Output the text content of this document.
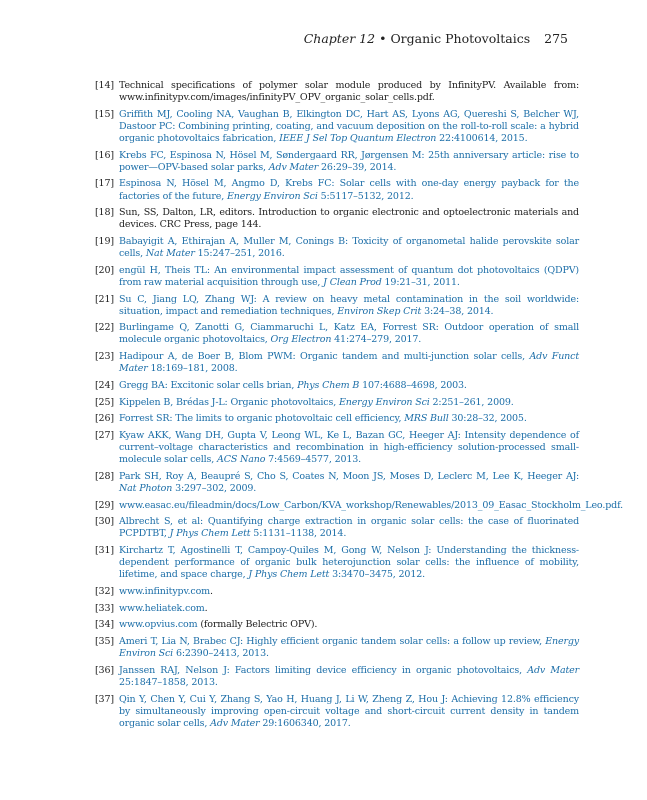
Chapter 12 • Organic Photovoltaics 275
[14] Technical specifications of polymer solar module produced by InfinityPV. Available from: www.infinitypv.com/images/infinityPV_OPV_organic_solar_cells.pdf.
[15] Griffith MJ, Cooling NA, Vaughan B, Elkington DC, Hart AS, Lyons AG, Quereshi S, Belcher WJ, Dastoor PC: Combining printing, coating, and vacuum deposition on the roll-to-roll scale: a hybrid organic photovoltaics fabrication, IEEE J Sel Top Quantum Electron 22:4100614, 2015.
[16] Krebs FC, Espinosa N, Hösel M, Søndergaard RR, Jørgensen M: 25th anniversary article: rise to power—OPV-based solar parks, Adv Mater 26:29–39, 2014.
[17] Espinosa N, Hösel M, Angmo D, Krebs FC: Solar cells with one-day energy payback for the factories of the future, Energy Environ Sci 5:5117–5132, 2012.
[18] Sun, SS, Dalton, LR, editors. Introduction to organic electronic and optoelectronic materials and devices. CRC Press, page 144.
[19] Babayigit A, Ethirajan A, Muller M, Conings B: Toxicity of organometal halide perovskite solar cells, Nat Mater 15:247–251, 2016.
[20] engül H, Theis TL: An environmental impact assessment of quantum dot photovoltaics (QDPV) from raw material acquisition through use, J Clean Prod 19:21–31, 2011.
[21] Su C, Jiang LQ, Zhang WJ: A review on heavy metal contamination in the soil worldwide: situation, impact and remediation techniques, Environ Skep Crit 3:24–38, 2014.
[22] Burlingame Q, Zanotti G, Ciammaruchi L, Katz EA, Forrest SR: Outdoor operation of small molecule organic photovoltaics, Org Electron 41:274–279, 2017.
[23] Hadipour A, de Boer B, Blom PWM: Organic tandem and multi-junction solar cells, Adv Funct Mater 18:169–181, 2008.
[24] Gregg BA: Excitonic solar cells brian, Phys Chem B 107:4688–4698, 2003.
[25] Kippelen B, Brédas J-L: Organic photovoltaics, Energy Environ Sci 2:251–261, 2009.
[26] Forrest SR: The limits to organic photovoltaic cell efficiency, MRS Bull 30:28–32, 2005.
[27] Kyaw AKK, Wang DH, Gupta V, Leong WL, Ke L, Bazan GC, Heeger AJ: Intensity dependence of current–voltage characteristics and recombination in high-efficiency solution-processed small-molecule solar cells, ACS Nano 7:4569–4577, 2013.
[28] Park SH, Roy A, Beaupré S, Cho S, Coates N, Moon JS, Moses D, Leclerc M, Lee K, Heeger AJ: Nat Photon 3:297–302, 2009.
[29] www.easac.eu/fileadmin/docs/Low_Carbon/KVA_workshop/Renewables/2013_09_Easac_Stockholm_Leo.pdf.
[30] Albrecht S, et al: Quantifying charge extraction in organic solar cells: the case of fluorinated PCPDTBT, J Phys Chem Lett 5:1131–1138, 2014.
[31] Kirchartz T, Agostinelli T, Campoy-Quiles M, Gong W, Nelson J: Understanding the thickness-dependent performance of organic bulk heterojunction solar cells: the influence of mobility, lifetime, and space charge, J Phys Chem Lett 3:3470–3475, 2012.
[32] www.infinitypv.com.
[33] www.heliatek.com.
[34] www.opvius.com (formally Belectric OPV).
[35] Ameri T, Lia N, Brabec CJ: Highly efficient organic tandem solar cells: a follow up review, Energy Environ Sci 6:2390–2413, 2013.
[36] Janssen RAJ, Nelson J: Factors limiting device efficiency in organic photovoltaics, Adv Mater 25:1847–1858, 2013.
[37] Qin Y, Chen Y, Cui Y, Zhang S, Yao H, Huang J, Li W, Zheng Z, Hou J: Achieving 12.8% efficiency by simultaneously improving open-circuit voltage and short-circuit current density in tandem organic solar cells, Adv Mater 29:1606340, 2017.
